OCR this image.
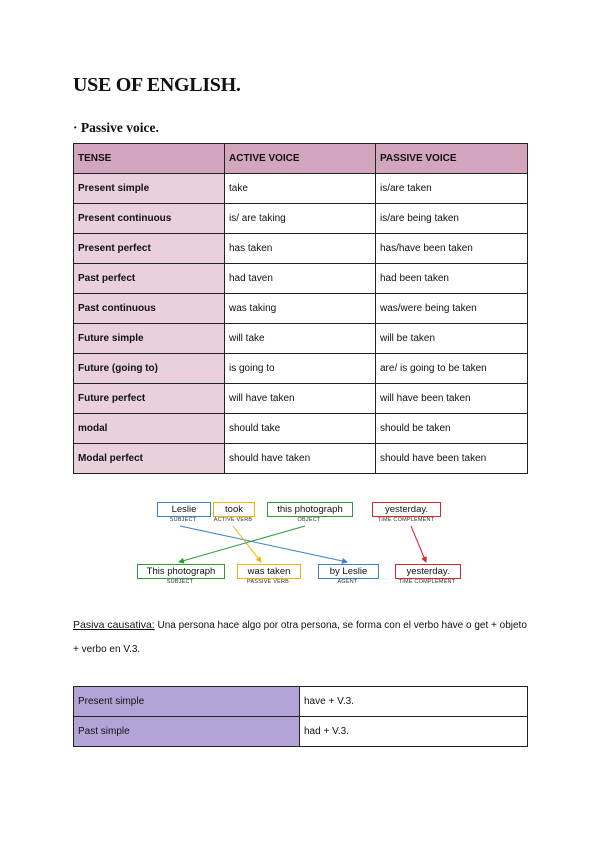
USE OF ENGLISH.
· Passive voice.
TENSE	ACTIVE VOICE	PASSIVE VOICE
Present simple	take	is/are taken
Present continuous	is/ are taking	is/are being taken
Present perfect	has taken	has/have been taken
Past perfect	had taven	had been taken
Past continuous	was taking	was/were being taken
Future simple	will take	will be taken
Future (going to)	is going to	are/ is going to be taken
Future perfect	will have taken	will have been taken
modal	should take	should be taken
Modal perfect	should have taken	should have been taken
Leslie
SUBJECT
took
ACTIVE VERB
this photograph
OBJECT
yesterday.
TIME COMPLEMENT
This photograph
SUBJECT
was taken
PASSIVE VERB
by Leslie
AGENT
yesterday.
TIME COMPLEMENT

Pasiva causativa: Una persona hace algo por otra persona, se forma con el verbo have o get + objeto + verbo en V.3.

Present simple	have + V.3.
Past simple	had + V.3.
